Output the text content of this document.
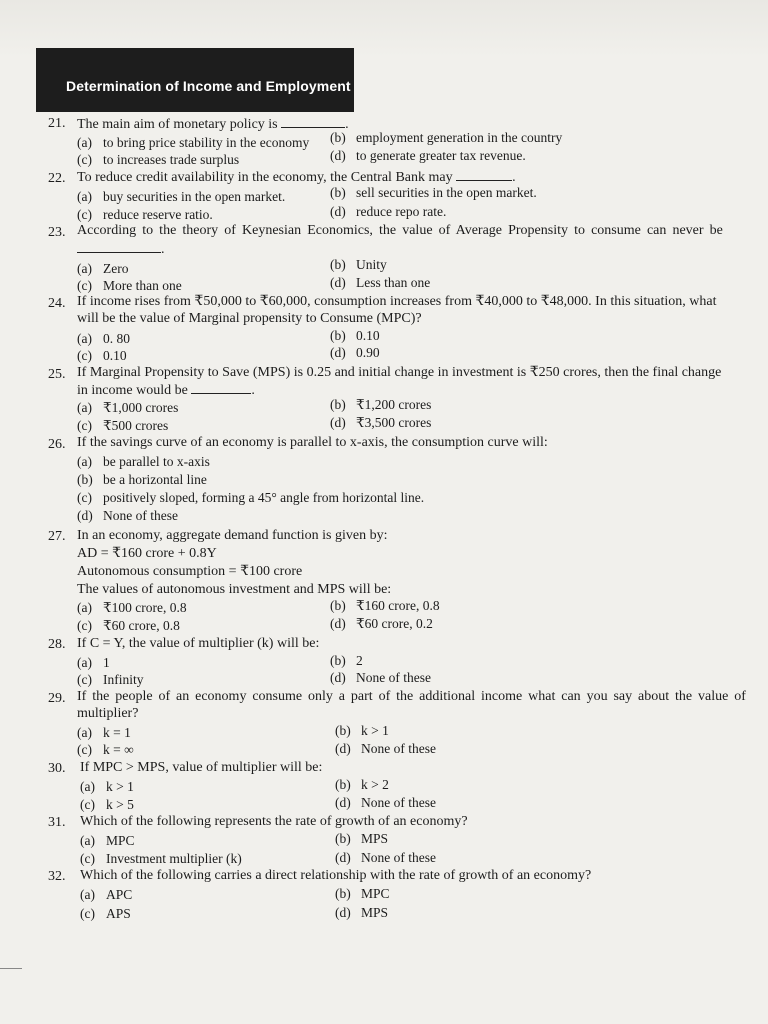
Determination of Income and Employment
21. The main aim of monetary policy is	.
(a) to bring price stability in the economy (b) employment generation in the country
(c) to increases trade surplus	(d) to generate greater tax revenue.
22. To reduce credit availability in the economy, the Central Bank may	.
(a) buy securities in the open market.	(b) sell securities in the open market.
(c) reduce reserve ratio.	(d) reduce repo rate.
23. According to the theory of Keynesian Economics, the value of Average Propensity to consume can never be
.
(a) Zero	(b) Unity
(c) More than one	(d) Less than one
24. If income rises from ₹50,000 to ₹60,000, consumption increases from ₹40,000 to ₹48,000. In this situation, what
will be the value of Marginal propensity to Consume (MPC)?
(a) 0. 80	(b) 0.10
(c) 0.10	(d) 0.90
25. If Marginal Propensity to Save (MPS) is 0.25 and initial change in investment is ₹250 crores, then the final change
in income would be	.
(a) ₹1,000 crores	(b) ₹1,200 crores
(c) ₹500 crores	(d) ₹3,500 crores
26. If the savings curve of an economy is parallel to x-axis, the consumption curve will:
(a) be parallel to x-axis
(b) be a horizontal line
(c) positively sloped, forming a 45° angle from horizontal line.
(d) None of these
27. In an economy, aggregate demand function is given by:
AD = ₹160 crore + 0.8Y
Autonomous consumption = ₹100 crore
The values of autonomous investment and MPS will be:
(a) ₹100 crore, 0.8	(b) ₹160 crore, 0.8
(c) ₹60 crore, 0.8	(d) ₹60 crore, 0.2
28. If C = Y, the value of multiplier (k) will be:
(a) 1	(b) 2
(c) Infinity	(d) None of these
29. If the people of an economy consume only a part of the additional income what can you say about the value of
multiplier?
(a) k = 1	(b) k > 1
(c) k = ∞	(d) None of these
30. If MPC > MPS, value of multiplier will be:
(a) k > 1	(b) k > 2
(c) k > 5	(d) None of these
31. Which of the following represents the rate of growth of an economy?
(a) MPC	(b) MPS
(c) Investment multiplier (k)	(d) None of these
32. Which of the following carries a direct relationship with the rate of growth of an economy?
(a) APC	(b) MPC
(c) APS	(d) MPS
